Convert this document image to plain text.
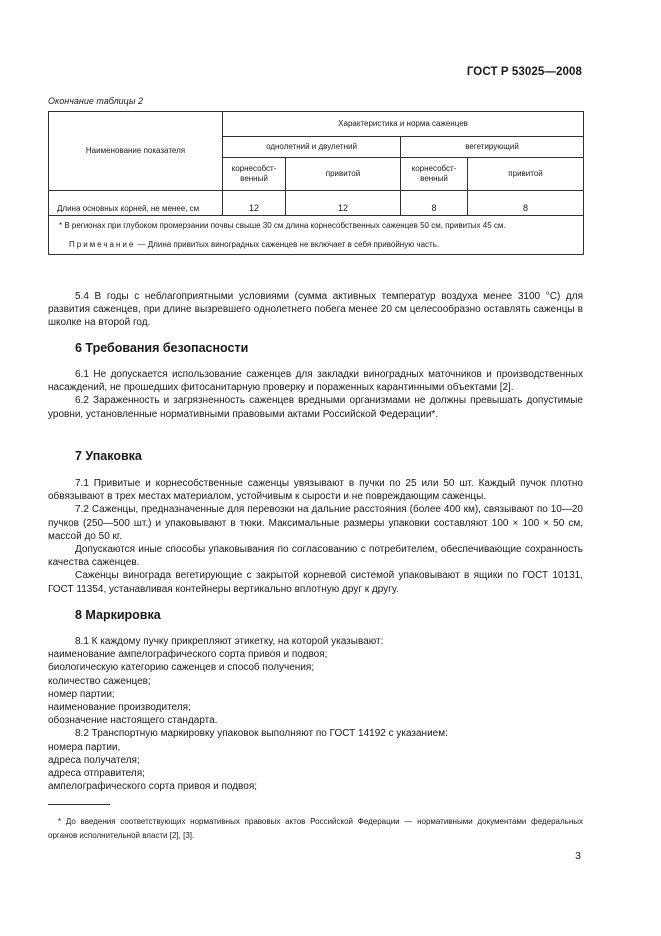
ГОСТ Р 53025—2008
Окончание таблицы 2
Наименование показателя	Характеристика и норма саженцев			
	однолетний и двулетний		вегетирующий	
	корнесобст-венный	привитой	корнесобст-венный	привитой
Длина основных корней, не менее, см	12	12	8	8
* В регионах при глубоком промерзании почвы свыше 30 см длина корнесобственных саженцев 50 см, привитых 45 см.				
Примечание — Длина привитых виноградных саженцев не включает в себя привойную часть.				

5.4 В годы с неблагоприятными условиями (сумма активных температур воздуха менее 3100 °С) для развития саженцев, при длине вызревшего однолетнего побега менее 20 см целесообразно оставлять саженцы в школке на второй год.

6 Требования безопасности

6.1 Не допускается использование саженцев для закладки виноградных маточников и производственных насаждений, не прошедших фитосанитарную проверку и пораженных карантинными объектами [2].

6.2 Зараженность и загрязненность саженцев вредными организмами не должны превышать допустимые уровни, установленные нормативными правовыми актами Российской Федерации*.

7 Упаковка

7.1 Привитые и корнесобственные саженцы увязывают в пучки по 25 или 50 шт. Каждый пучок плотно обвязывают в трех местах материалом, устойчивым к сырости и не повреждающим саженцы.

7.2 Саженцы, предназначенные для перевозки на дальние расстояния (более 400 км), связывают по 10—20 пучков (250—500 шт.) и упаковывают в тюки. Максимальные размеры упаковки составляют 100 × 100 × 50 см, массой до 50 кг.

Допускаются иные способы упаковывания по согласованию с потребителем, обеспечивающие сохранность качества саженцев.

Саженцы винограда вегетирующие с закрытой корневой системой упаковывают в ящики по ГОСТ 10131, ГОСТ 11354, устанавливая контейнеры вертикально вплотную друг к другу.

8 Маркировка

8.1 К каждому пучку прикрепляют этикетку, на которой указывают:

наименование ампелографического сорта привоя и подвоя;

биологическую категорию саженцев и способ получения;

количество саженцев;

номер партии;

наименование производителя;

обозначение настоящего стандарта.

8.2 Транспортную маркировку упаковок выполняют по ГОСТ 14192 с указанием:

номера партии,

адреса получателя;

адреса отправителя;

ампелографического сорта привоя и подвоя;

* До введения соответствующих нормативных правовых актов Российской Федерации — нормативными документами федеральных органов исполнительной власти [2], [3].

3
